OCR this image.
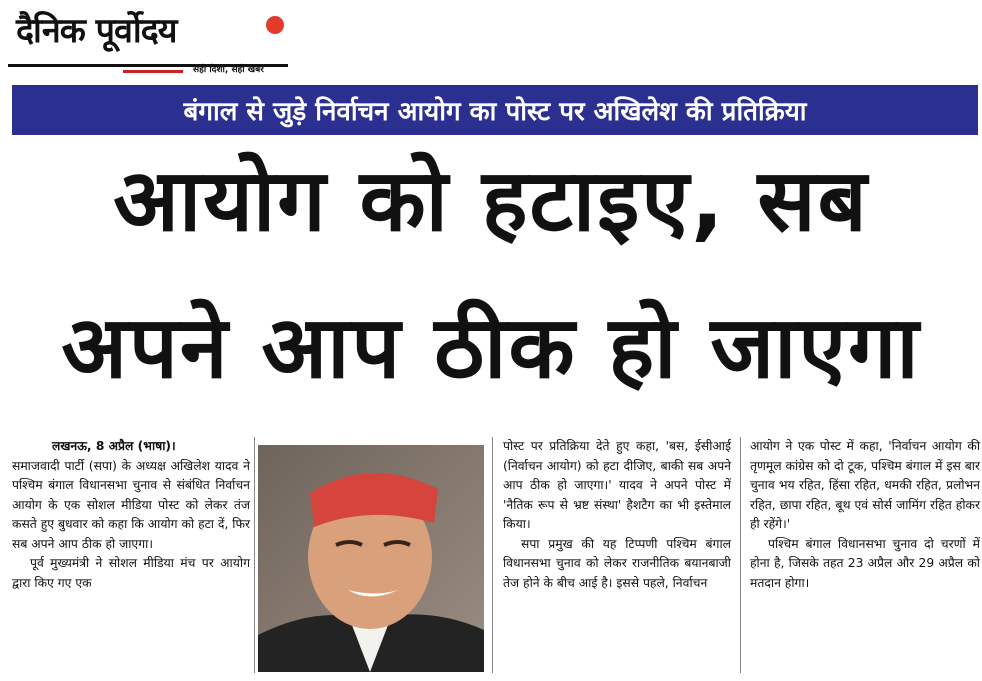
दैनिक पूर्वोदय
सही दिशा, सही खबर
बंगाल से जुड़े निर्वाचन आयोग का पोस्ट पर अखिलेश की प्रतिक्रिया
आयोग को हटाइए, सब
अपने आप ठीक हो जाएगा

लखनऊ, 8 अप्रैल (भाषा)।

समाजवादी पार्टी (सपा) के अध्यक्ष अखिलेश यादव ने पश्चिम बंगाल विधानसभा चुनाव से संबंधित निर्वाचन आयोग के एक सोशल मीडिया पोस्ट को लेकर तंज कसते हुए बुधवार को कहा कि आयोग को हटा दें, फिर सब अपने आप ठीक हो जाएगा।

पूर्व मुख्यमंत्री ने सोशल मीडिया मंच पर आयोग द्वारा किए गए एक

पोस्ट पर प्रतिक्रिया देते हुए कहा, 'बस, ईसीआई (निर्वाचन आयोग) को हटा दीजिए, बाकी सब अपने आप ठीक हो जाएगा।' यादव ने अपने पोस्ट में 'नैतिक रूप से भ्रष्ट संस्था' हैशटैग का भी इस्तेमाल किया।

सपा प्रमुख की यह टिप्पणी पश्चिम बंगाल विधानसभा चुनाव को लेकर राजनीतिक बयानबाजी तेज होने के बीच आई है। इससे पहले, निर्वाचन

आयोग ने एक पोस्ट में कहा, 'निर्वाचन आयोग की तृणमूल कांग्रेस को दो टूक, पश्चिम बंगाल में इस बार चुनाव भय रहित, हिंसा रहित, धमकी रहित, प्रलोभन रहित, छापा रहित, बूथ एवं सोर्स जामिंग रहित होकर ही रहेंगे।'

पश्चिम बंगाल विधानसभा चुनाव दो चरणों में होना है, जिसके तहत 23 अप्रैल और 29 अप्रैल को मतदान होगा।
